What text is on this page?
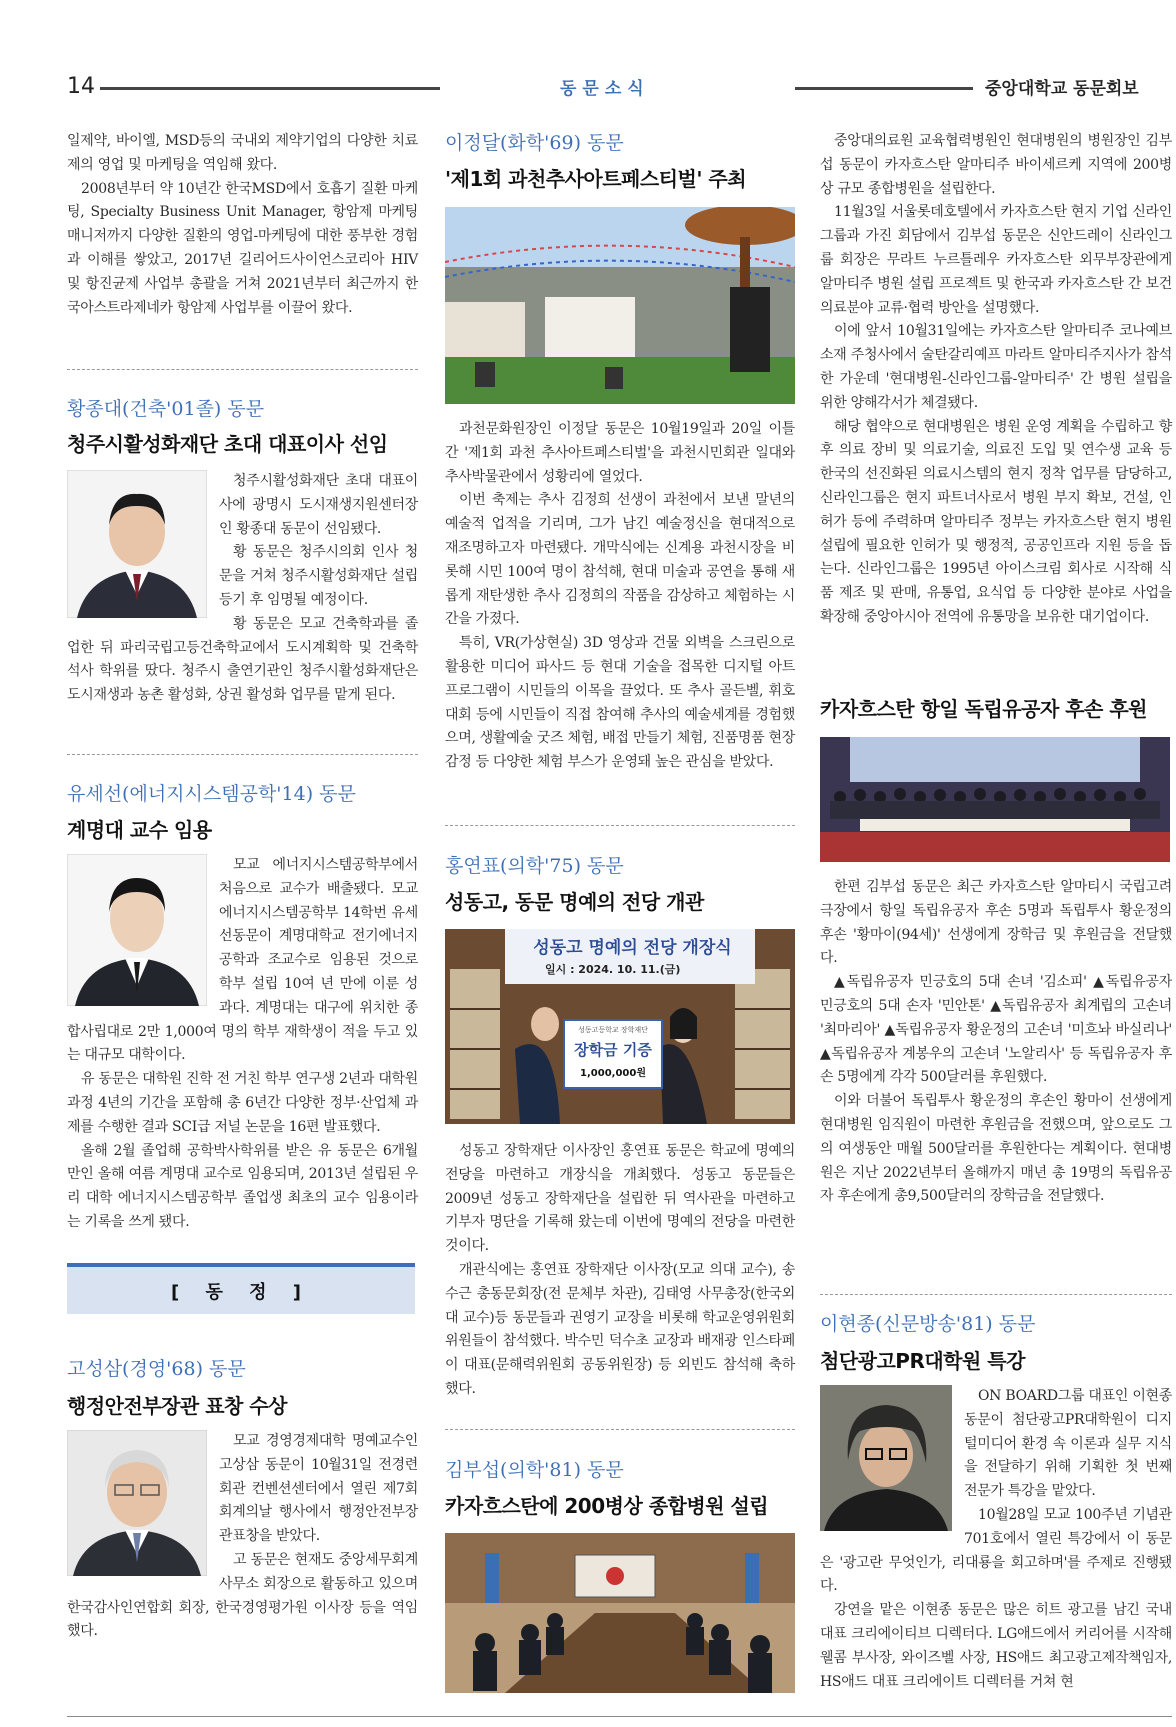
14	동문소식	중앙대학교 동문회보

일제약, 바이엘, MSD등의 국내외 제약기업의 다양한 치료제의 영업 및 마케팅을 역임해 왔다.

2008년부터 약 10년간 한국MSD에서 호흡기 질환 마케팅, Specialty Business Unit Manager, 항암제 마케팅 매니저까지 다양한 질환의 영업-마케팅에 대한 풍부한 경험과 이해를 쌓았고, 2017년 길리어드사이언스코리아 HIV 및 항진균제 사업부 총괄을 거쳐 2021년부터 최근까지 한국아스트라제네카 항암제 사업부를 이끌어 왔다.

황종대(건축'01졸) 동문
청주시활성화재단 초대 대표이사 선임

청주시활성화재단 초대 대표이사에 광명시 도시재생지원센터장인 황종대 동문이 선임됐다.

황 동문은 청주시의회 인사 청문을 거쳐 청주시활성화재단 설립 등기 후 임명될 예정이다.

황 동문은 모교 건축학과를 졸업한 뒤 파리국립고등건축학교에서 도시계획학 및 건축학 석사 학위를 땄다. 청주시 출연기관인 청주시활성화재단은 도시재생과 농촌 활성화, 상권 활성화 업무를 맡게 된다.

유세선(에너지시스템공학'14) 동문
계명대 교수 임용

모교 에너지시스템공학부에서 처음으로 교수가 배출됐다. 모교 에너지시스템공학부 14학번 유세선동문이 계명대학교 전기에너지공학과 조교수로 임용된 것으로 학부 설립 10여 년 만에 이룬 성과다. 계명대는 대구에 위치한 종합사립대로 2만 1,000여 명의 학부 재학생이 적을 두고 있는 대규모 대학이다.

유 동문은 대학원 진학 전 거친 학부 연구생 2년과 대학원 과정 4년의 기간을 포함해 총 6년간 다양한 정부·산업체 과제를 수행한 결과 SCI급 저널 논문을 16편 발표했다.

올해 2월 졸업해 공학박사학위를 받은 유 동문은 6개월만인 올해 여름 계명대 교수로 임용되며, 2013년 설립된 우리 대학 에너지시스템공학부 졸업생 최초의 교수 임용이라는 기록을 쓰게 됐다.

[ 동 정 ]
고성삼(경영'68) 동문
행정안전부장관 표창 수상

모교 경영경제대학 명예교수인 고상삼 동문이 10월31일 전경련회관 컨벤션센터에서 열린 제7회 회계의날 행사에서 행정안전부장관표창을 받았다.

고 동문은 현재도 중앙세무회계사무소 회장으로 활동하고 있으며 한국감사인연합회 회장, 한국경영평가원 이사장 등을 역임했다.

이정달(화학'69) 동문
'제1회 과천추사아트페스티벌' 주최

과천문화원장인 이정달 동문은 10월19일과 20일 이틀간 '제1회 과천 추사아트페스티벌'을 과천시민회관 일대와 추사박물관에서 성황리에 열었다.

이번 축제는 추사 김정희 선생이 과천에서 보낸 말년의 예술적 업적을 기리며, 그가 남긴 예술정신을 현대적으로 재조명하고자 마련됐다. 개막식에는 신계용 과천시장을 비롯해 시민 100여 명이 참석해, 현대 미술과 공연을 통해 새롭게 재탄생한 추사 김정희의 작품을 감상하고 체험하는 시간을 가졌다.

특히, VR(가상현실) 3D 영상과 건물 외벽을 스크린으로 활용한 미디어 파사드 등 현대 기술을 접목한 디지털 아트 프로그램이 시민들의 이목을 끌었다. 또 추사 골든벨, 휘호 대회 등에 시민들이 직접 참여해 추사의 예술세계를 경험했으며, 생활예술 굿즈 체험, 배접 만들기 체험, 진품명품 현장 감정 등 다양한 체험 부스가 운영돼 높은 관심을 받았다.

홍연표(의학'75) 동문
성동고, 동문 명예의 전당 개관
성동고 명예의 전당 개장식
일시 : 2024. 10. 11.(금)
성동고등학교 장학재단
장학금 기증
1,000,000원

성동고 장학재단 이사장인 홍연표 동문은 학교에 명예의 전당을 마련하고 개장식을 개최했다. 성동고 동문들은 2009년 성동고 장학재단을 설립한 뒤 역사관을 마련하고 기부자 명단을 기록해 왔는데 이번에 명예의 전당을 마련한 것이다.

개관식에는 홍연표 장학재단 이사장(모교 의대 교수), 송수근 총동문회장(전 문체부 차관), 김태영 사무총장(한국외대 교수)등 동문들과 권영기 교장을 비롯해 학교운영위원회 위원들이 참석했다. 박수민 덕수초 교장과 배재광 인스타페이 대표(문해력위원회 공동위원장) 등 외빈도 참석해 축하했다.

김부섭(의학'81) 동문
카자흐스탄에 200병상 종합병원 설립

중앙대의료원 교육협력병원인 현대병원의 병원장인 김부섭 동문이 카자흐스탄 알마티주 바이세르케 지역에 200병상 규모 종합병원을 설립한다.

11월3일 서울롯데호텔에서 카자흐스탄 현지 기업 신라인그룹과 가진 회담에서 김부섭 동문은 신안드레이 신라인그룹 회장은 무라트 누르틀레우 카자흐스탄 외무부장관에게 알마티주 병원 설립 프로젝트 및 한국과 카자흐스탄 간 보건의료분야 교류·협력 방안을 설명했다.

이에 앞서 10월31일에는 카자흐스탄 알마티주 코나예브 소재 주청사에서 술탄갈리예프 마라트 알마티주지사가 참석한 가운데 '현대병원-신라인그룹-알마티주' 간 병원 설립을 위한 양해각서가 체결됐다.

해당 협약으로 현대병원은 병원 운영 계획을 수립하고 향후 의료 장비 및 의료기술, 의료진 도입 및 연수생 교육 등 한국의 선진화된 의료시스템의 현지 정착 업무를 담당하고, 신라인그룹은 현지 파트너사로서 병원 부지 확보, 건설, 인허가 등에 주력하며 알마티주 정부는 카자흐스탄 현지 병원 설립에 필요한 인허가 및 행정적, 공공인프라 지원 등을 돕는다. 신라인그룹은 1995년 아이스크림 회사로 시작해 식품 제조 및 판매, 유통업, 요식업 등 다양한 분야로 사업을 확장해 중앙아시아 전역에 유통망을 보유한 대기업이다.

카자흐스탄 항일 독립유공자 후손 후원

한편 김부섭 동문은 최근 카자흐스탄 알마티시 국립고려극장에서 항일 독립유공자 후손 5명과 독립투사 황운정의 후손 '황마이(94세)' 선생에게 장학금 및 후원금을 전달했다.

▲독립유공자 민긍호의 5대 손녀 '김소피' ▲독립유공자 민긍호의 5대 손자 '민안톤' ▲독립유공자 최계립의 고손녀 '최마리아' ▲독립유공자 황운정의 고손녀 '미흐놔 바실리나' ▲독립유공자 계봉우의 고손녀 '노알리사' 등 독립유공자 후손 5명에게 각각 500달러를 후원했다.

이와 더불어 독립투사 황운정의 후손인 황마이 선생에게 현대병원 임직원이 마련한 후원금을 전했으며, 앞으로도 그의 여생동안 매월 500달러를 후원한다는 계획이다. 현대병원은 지난 2022년부터 올해까지 매년 총 19명의 독립유공자 후손에게 총9,500달러의 장학금을 전달했다.

이현종(신문방송'81) 동문
첨단광고PR대학원 특강

ON BOARD그룹 대표인 이현종 동문이 첨단광고PR대학원이 디지털미디어 환경 속 이론과 실무 지식을 전달하기 위해 기획한 첫 번째 전문가 특강을 맡았다.

10월28일 모교 100주년 기념관 701호에서 열린 특강에서 이 동문은 '광고란 무엇인가, 리대룡을 회고하며'를 주제로 진행됐다.

강연을 맡은 이현종 동문은 많은 히트 광고를 남긴 국내 대표 크리에이티브 디렉터다. LG애드에서 커리어를 시작해 웰콤 부사장, 와이즈벨 사장, HS애드 최고광고제작책임자, HS애드 대표 크리에이트 디렉터를 거쳐 현
